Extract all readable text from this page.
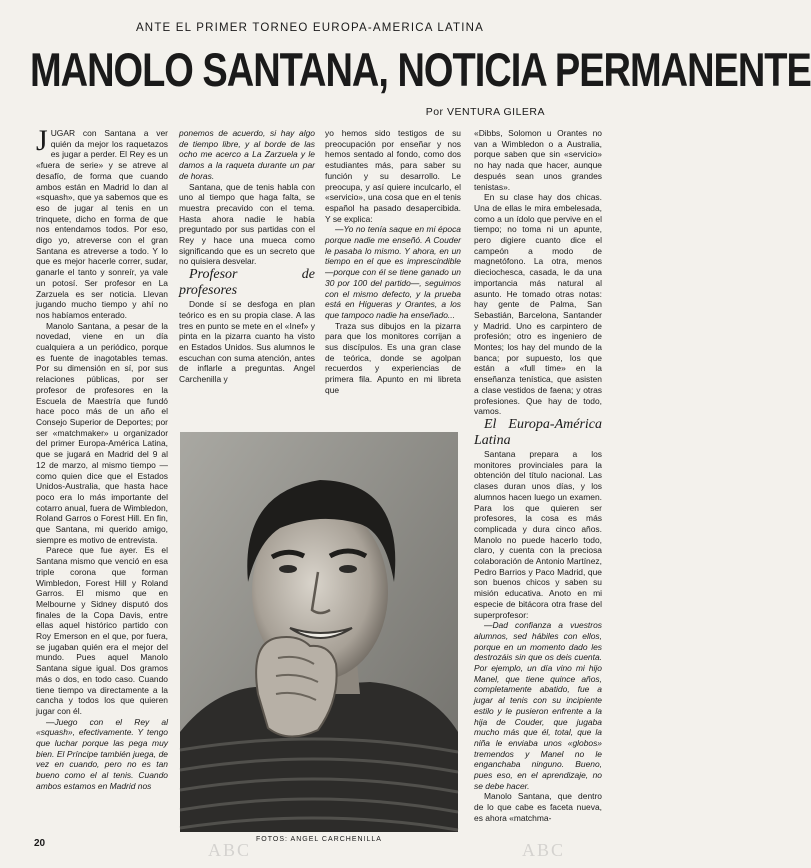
ANTE EL PRIMER TORNEO EUROPA-AMERICA LATINA
MANOLO SANTANA, NOTICIA PERMANENTE
Por VENTURA GILERA

JUGAR con Santana a ver quién da mejor los raquetazos es jugar a perder. El Rey es un «fuera de serie» y se atreve al desafío, de forma que cuando ambos están en Madrid lo dan al «squash», que ya sabemos que es eso de jugar al tenis en un trinquete, dicho en forma de que nos entendamos todos. Por eso, digo yo, atreverse con el gran Santana es atreverse a todo. Y lo que es mejor hacerle correr, sudar, ganarle el tanto y sonreír, ya vale un potosí. Ser profesor en La Zarzuela es ser noticia. Llevan jugando mucho tiempo y ahí no nos habíamos enterado.

Manolo Santana, a pesar de la novedad, viene en un día cualquiera a un periódico, porque es fuente de inagotables temas. Por su dimensión en sí, por sus relaciones públicas, por ser profesor de profesores en la Escuela de Maestría que fundó hace poco más de un año el Consejo Superior de Deportes; por ser «matchmaker» u organizador del primer Europa-América Latina, que se jugará en Madrid del 9 al 12 de marzo, al mismo tiempo —como quien dice que el Estados Unidos-Australia, que hasta hace poco era lo más importante del cotarro anual, fuera de Wimbledon, Roland Garros o Forest Hill. En fin, que Santana, mi querido amigo, siempre es motivo de entrevista.

Parece que fue ayer. Es el Santana mismo que venció en esa triple corona que forman Wimbledon, Forest Hill y Roland Garros. El mismo que en Melbourne y Sidney disputó dos finales de la Copa Davis, entre ellas aquel histórico partido con Roy Emerson en el que, por fuera, se jugaban quién era el mejor del mundo. Pues aquel Manolo Santana sigue igual. Dos gramos más o dos, en todo caso. Cuando tiene tiempo va directamente a la cancha y todos los que quieren jugar con él.

—Juego con el Rey al «squash», efectivamente. Y tengo que luchar porque las pega muy bien. El Príncipe también juega, de vez en cuando, pero no es tan bueno como el al tenis. Cuando ambos estamos en Madrid nos

ponemos de acuerdo, si hay algo de tiempo libre, y al borde de las ocho me acerco a La Zarzuela y le damos a la raqueta durante un par de horas.

Santana, que de tenis habla con uno al tiempo que haga falta, se muestra precavido con el tema. Hasta ahora nadie le había preguntado por sus partidas con el Rey y hace una mueca como significando que es un secreto que no quisiera desvelar.

Profesor de profesores

Donde sí se desfoga en plan teórico es en su propia clase. A las tres en punto se mete en el «Inef» y pinta en la pizarra cuanto ha visto en Estados Unidos. Sus alumnos le escuchan con suma atención, antes de inflarle a preguntas. Angel Carchenilla y

yo hemos sido testigos de su preocupación por enseñar y nos hemos sentado al fondo, como dos estudiantes más, para saber su función y su desarrollo. Le preocupa, y así quiere inculcarlo, el «servicio», una cosa que en el tenis español ha pasado desapercibida. Y se explica:

—Yo no tenía saque en mi época porque nadie me enseñó. A Couder le pasaba lo mismo. Y ahora, en un tiempo en el que es imprescindible —porque con él se tiene ganado un 30 por 100 del partido—, seguimos con el mismo defecto, y la prueba está en Higueras y Orantes, a los que tampoco nadie ha enseñado...

Traza sus dibujos en la pizarra para que los monitores corrijan a sus discípulos. Es una gran clase de teórica, donde se agolpan recuerdos y experiencias de primera fila. Apunto en mi libreta que

«Dibbs, Solomon u Orantes no van a Wimbledon o a Australia, porque saben que sin «servicio» no hay nada que hacer, aunque después sean unos grandes tenistas».

En su clase hay dos chicas. Una de ellas le mira embelesada, como a un ídolo que pervive en el tiempo; no toma ni un apunte, pero digiere cuanto dice el campeón a modo de magnetófono. La otra, menos dieciochesca, casada, le da una importancia más natural al asunto. He tomado otras notas: hay gente de Palma, San Sebastián, Barcelona, Santander y Madrid. Uno es carpintero de profesión; otro es ingeniero de Montes; los hay del mundo de la banca; por supuesto, los que están a «full time» en la enseñanza tenística, que asisten a clase vestidos de faena; y otras profesiones. Que hay de todo, vamos.

El Europa-América Latina

Santana prepara a los monitores provinciales para la obtención del título nacional. Las clases duran unos días, y los alumnos hacen luego un examen. Para los que quieren ser profesores, la cosa es más complicada y dura cinco años. Manolo no puede hacerlo todo, claro, y cuenta con la preciosa colaboración de Antonio Martínez, Pedro Barrios y Paco Madrid, que son buenos chicos y saben su misión educativa. Anoto en mi especie de bitácora otra frase del superprofesor:

—Dad confianza a vuestros alumnos, sed hábiles con ellos, porque en un momento dado les destrozáis sin que os deis cuenta. Por ejemplo, un día vino mi hijo Manel, que tiene quince años, completamente abatido, fue a jugar al tenis con su incipiente estilo y le pusieron enfrente a la hija de Couder, que jugaba mucho más que él, total, que la niña le enviaba unos «globos» tremendos y Manel no le enganchaba ninguno. Bueno, pues eso, en el aprendizaje, no se debe hacer.

Manolo Santana, que dentro de lo que cabe es faceta nueva, es ahora «matchma-

FOTOS: ANGEL CARCHENILLA
20	ABC	ABC
